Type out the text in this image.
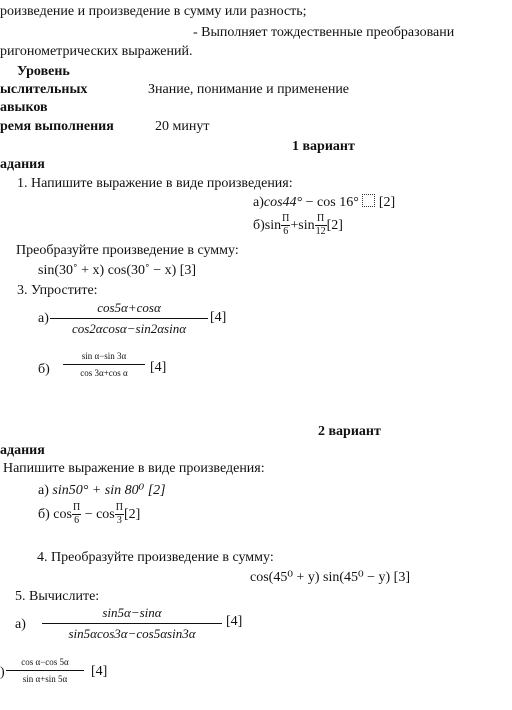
роизведение и произведение в сумму или разность;
- Выполняет тождественные преобразовани
ригонометрических выражений.
Уровень
ыслительных	Знание, понимание и применение
авыков
ремя выполнения	20 минут
1 вариант
адания
1. Напишите выражение в виде произведения:
а)cos44° − cos 16° [2]
$б)\sin \frac{П}{6} +\sin \frac{П}{12} [2]$
Преобразуйте произведение в сумму:
sin(30˚ + x) cos(30˚ − x) [3]
3. Упростите:
а)
cos5α+cosα
cos2αcosα−sin2αsinα
[4]
б)
sin α−sin 3α
cos 3α+cos α	[4]
2 вариант
адания
Напишите выражение в виде произведения:
а) sin50° + sin 80⁰ [2]
б) $\cos \frac{П}{6} - \cos \frac{П}{3} [2]$
4. Преобразуйте произведение в сумму:
cos(45⁰ + y) sin(45⁰ − y) [3]
5. Вычислите:
а)
sin5α−sinα
sin5αcos3α−cos5αsin3α
[4]
)
cos α−cos 5α
sin α+sin 5α	[4]
